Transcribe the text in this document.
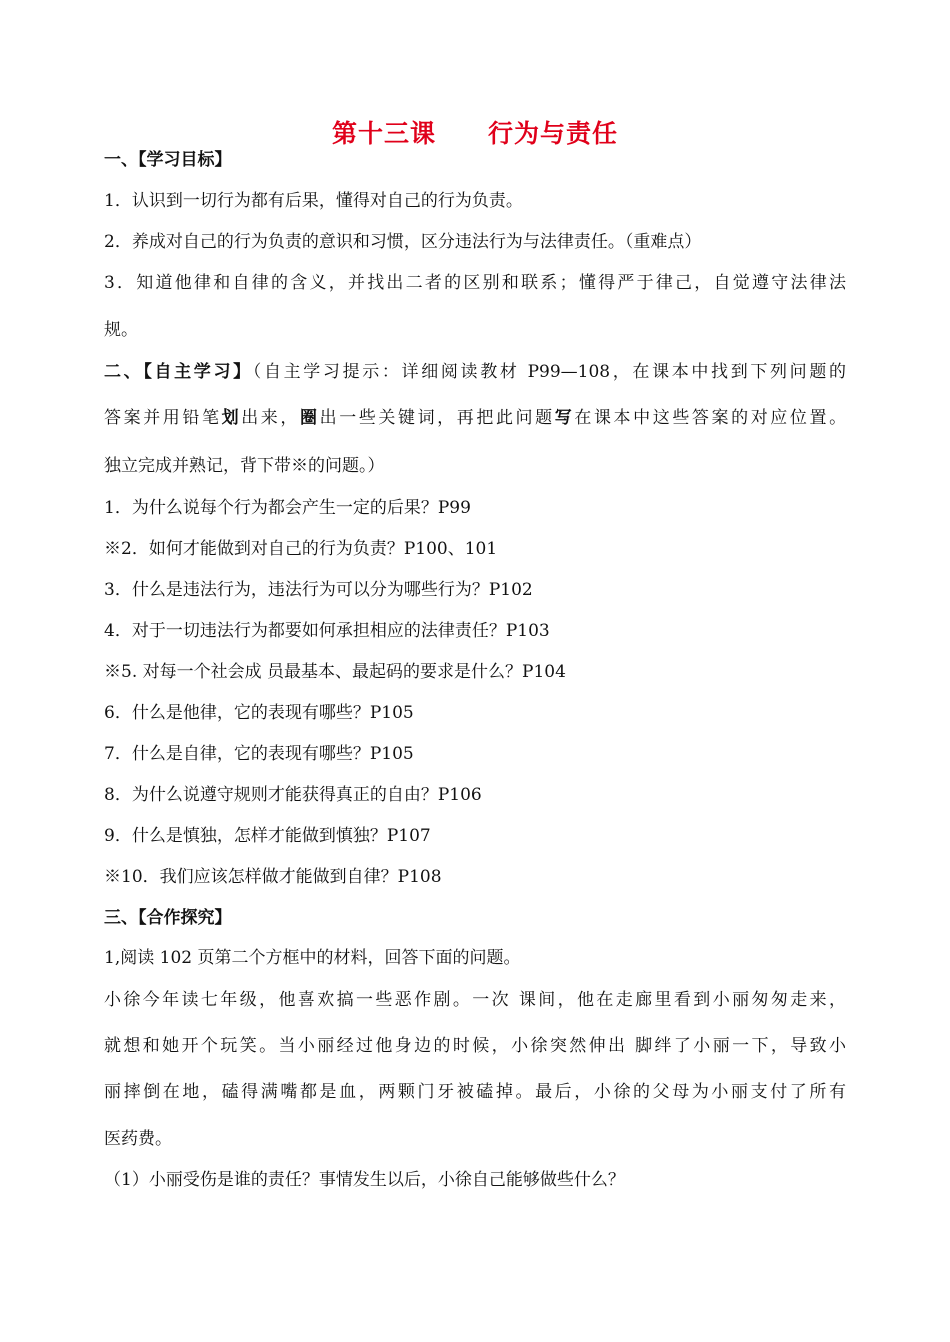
第十三课 行为与责任
一、【学习目标】
1．认识到一切行为都有后果，懂得对自己的行为负责。
2．养成对自己的行为负责的意识和习惯，区分违法行为与法律责任。（重难点）
3．知道他律和自律的含义，并找出二者的区别和联系；懂得严于律己，自觉遵守法律法
规。
二、【自主学习】（自主学习提示：详细阅读教材 P99—108，在课本中找到下列问题的
答案并用铅笔划出来，圈出一些关键词，再把此问题写在课本中这些答案的对应位置。
独立完成并熟记，背下带※的问题。）
1．为什么说每个行为都会产生一定的后果？P99
※2．如何才能做到对自己的行为负责？P100、101
3．什么是违法行为，违法行为可以分为哪些行为？P102
4．对于一切违法行为都要如何承担相应的法律责任？P103
※5. 对每一个社会成 员最基本、最起码的要求是什么？P104
6．什么是他律，它的表现有哪些？P105
7．什么是自律，它的表现有哪些？P105
8．为什么说遵守规则才能获得真正的自由？P106
9．什么是慎独，怎样才能做到慎独？P107
※10．我们应该怎样做才能做到自律？P108
三、【合作探究】
1,阅读 102 页第二个方框中的材料，回答下面的问题。
小徐今年读七年级，他喜欢搞一些恶作剧。一次 课间，他在走廊里看到小丽匆匆走来，
就想和她开个玩笑。当小丽经过他身边的时候，小徐突然伸出 脚绊了小丽一下，导致小
丽摔倒在地，磕得满嘴都是血，两颗门牙被磕掉。最后，小徐的父母为小丽支付了所有
医药费。
（1）小丽受伤是谁的责任？事情发生以后，小徐自己能够做些什么？
